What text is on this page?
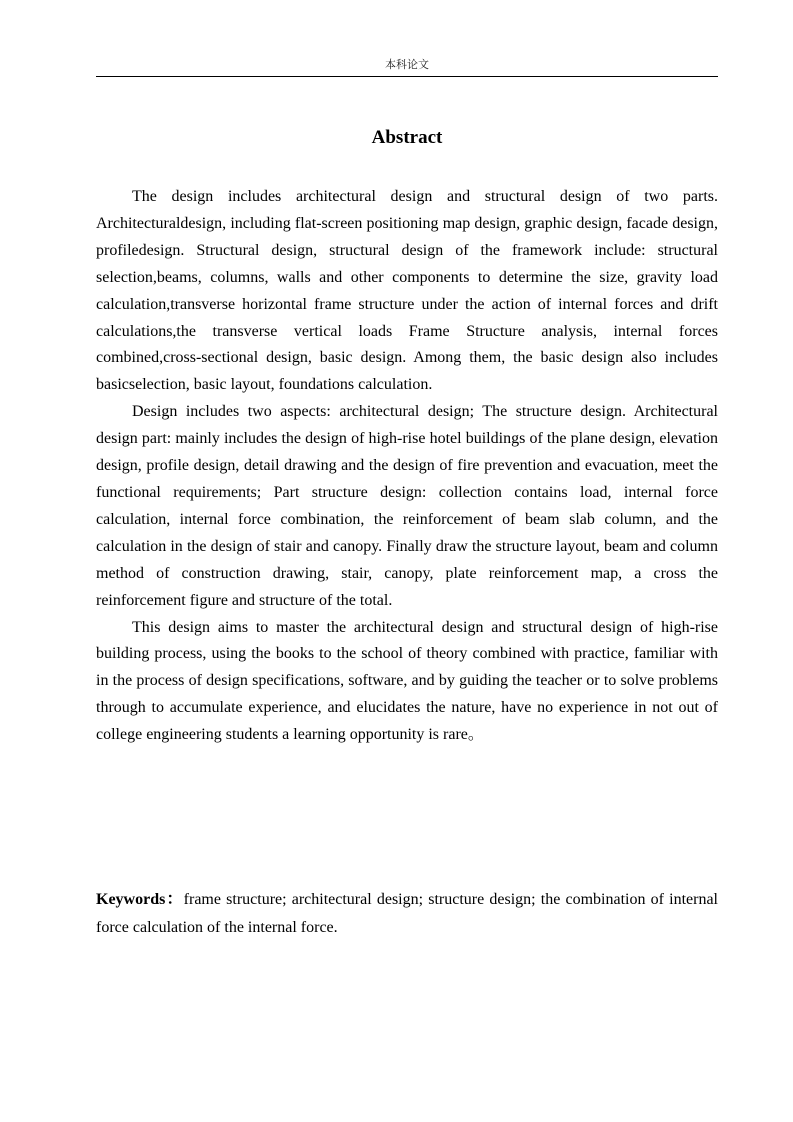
本科论文
Abstract

The design includes architectural design and structural design of two parts. Architecturaldesign, including flat-screen positioning map design, graphic design, facade design, profiledesign. Structural design, structural design of the framework include: structural selection,beams, columns, walls and other components to determine the size, gravity load calculation,transverse horizontal frame structure under the action of internal forces and drift calculations,the transverse vertical loads Frame Structure analysis, internal forces combined,cross-sectional design, basic design. Among them, the basic design also includes basicselection, basic layout, foundations calculation.

Design includes two aspects: architectural design; The structure design. Architectural design part: mainly includes the design of high-rise hotel buildings of the plane design, elevation design, profile design, detail drawing and the design of fire prevention and evacuation, meet the functional requirements; Part structure design: collection contains load, internal force calculation, internal force combination, the reinforcement of beam slab column, and the calculation in the design of stair and canopy. Finally draw the structure layout, beam and column method of construction drawing, stair, canopy, plate reinforcement map, a cross the reinforcement figure and structure of the total.

This design aims to master the architectural design and structural design of high-rise building process, using the books to the school of theory combined with practice, familiar with in the process of design specifications, software, and by guiding the teacher or to solve problems through to accumulate experience, and elucidates the nature, have no experience in not out of college engineering students a learning opportunity is rare。

Keywords：frame structure; architectural design; structure design; the combination of internal force calculation of the internal force.
